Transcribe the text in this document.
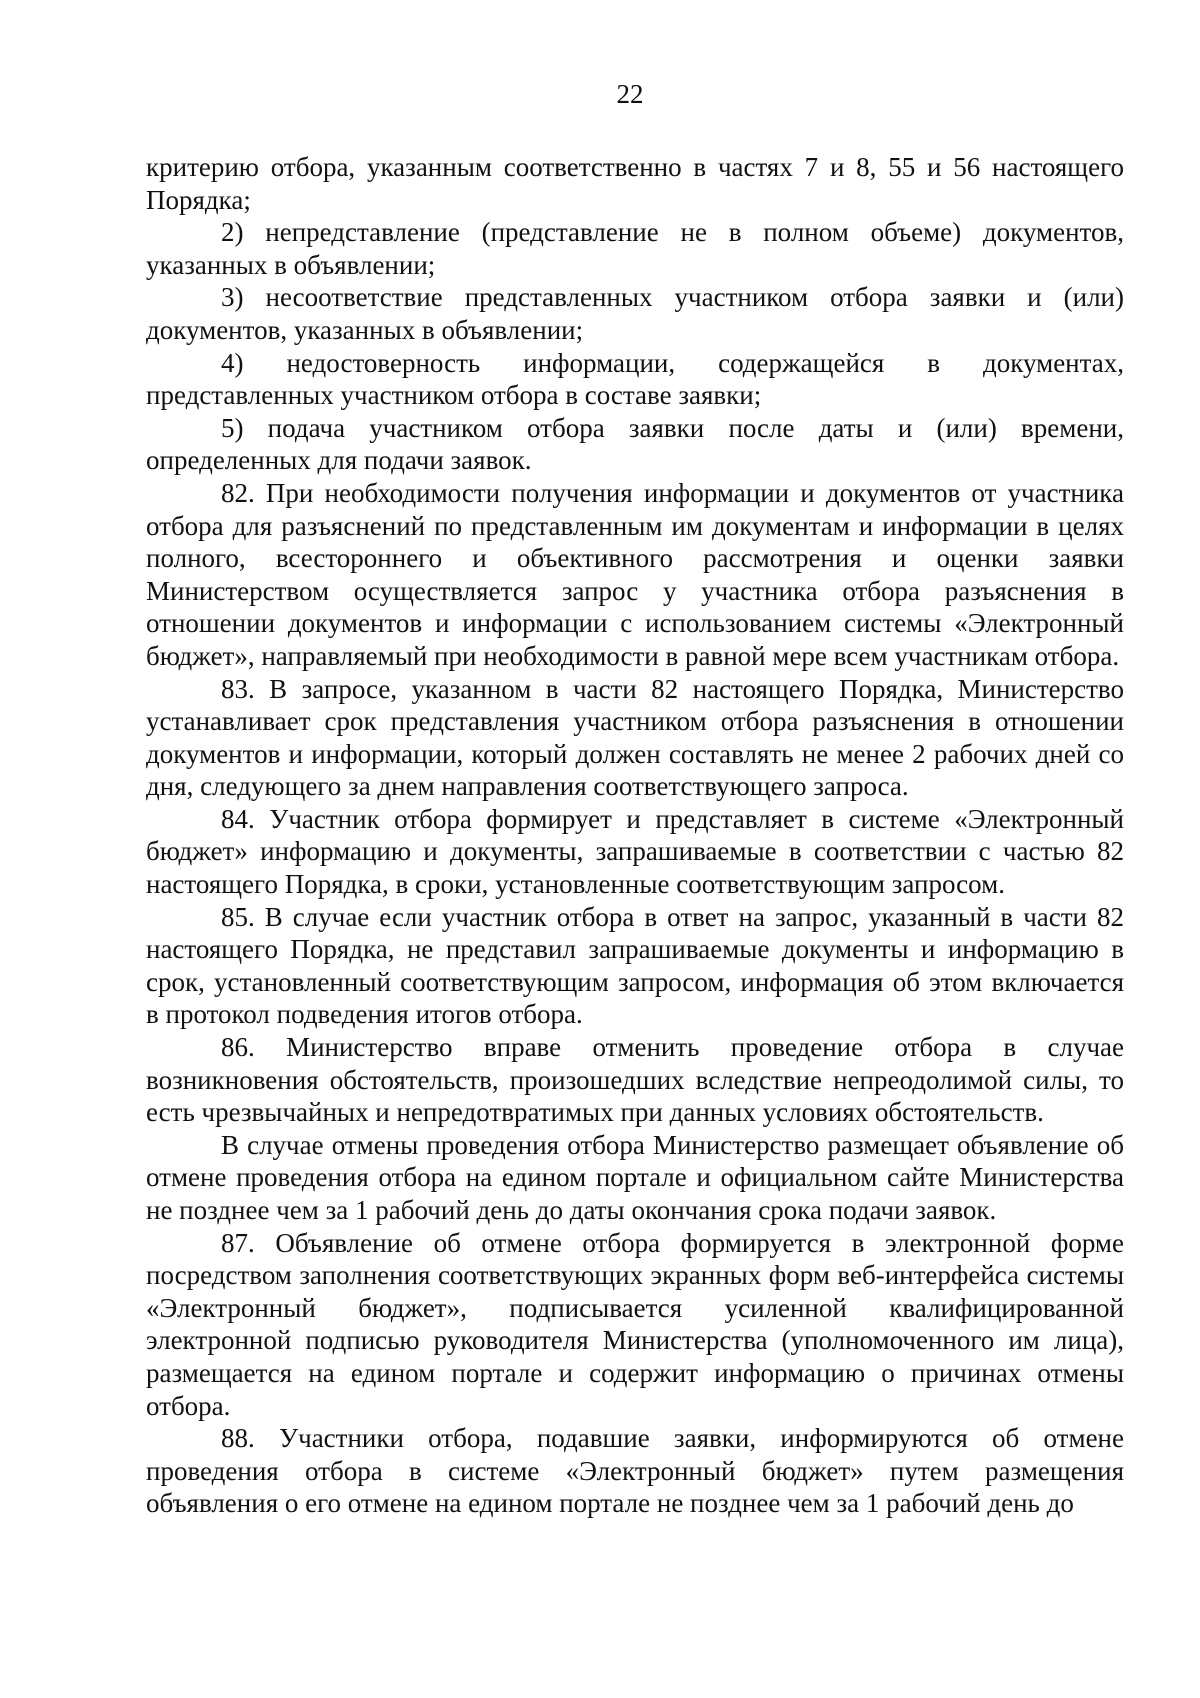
22

критерию отбора, указанным соответственно в частях 7 и 8, 55 и 56 настоящего Порядка;

2) непредставление (представление не в полном объеме) документов, указанных в объявлении;

3) несоответствие представленных участником отбора заявки и (или) документов, указанных в объявлении;

4) недостоверность информации, содержащейся в документах, представленных участником отбора в составе заявки;

5) подача участником отбора заявки после даты и (или) времени, определенных для подачи заявок.

82. При необходимости получения информации и документов от участника отбора для разъяснений по представленным им документам и информации в целях полного, всестороннего и объективного рассмотрения и оценки заявки Министерством осуществляется запрос у участника отбора разъяснения в отношении документов и информации с использованием системы «Электронный бюджет», направляемый при необходимости в равной мере всем участникам отбора.

83. В запросе, указанном в части 82 настоящего Порядка, Министерство устанавливает срок представления участником отбора разъяснения в отношении документов и информации, который должен составлять не менее 2 рабочих дней со дня, следующего за днем направления соответствующего запроса.

84. Участник отбора формирует и представляет в системе «Электронный бюджет» информацию и документы, запрашиваемые в соответствии с частью 82 настоящего Порядка, в сроки, установленные соответствующим запросом.

85. В случае если участник отбора в ответ на запрос, указанный в части 82 настоящего Порядка, не представил запрашиваемые документы и информацию в срок, установленный соответствующим запросом, информация об этом включается в протокол подведения итогов отбора.

86. Министерство вправе отменить проведение отбора в случае возникновения обстоятельств, произошедших вследствие непреодолимой силы, то есть чрезвычайных и непредотвратимых при данных условиях обстоятельств.

В случае отмены проведения отбора Министерство размещает объявление об отмене проведения отбора на едином портале и официальном сайте Министерства не позднее чем за 1 рабочий день до даты окончания срока подачи заявок.

87. Объявление об отмене отбора формируется в электронной форме посредством заполнения соответствующих экранных форм веб-интерфейса системы «Электронный бюджет», подписывается усиленной квалифицированной электронной подписью руководителя Министерства (уполномоченного им лица), размещается на едином портале и содержит информацию о причинах отмены отбора.

88. Участники отбора, подавшие заявки, информируются об отмене проведения отбора в системе «Электронный бюджет» путем размещения объявления о его отмене на едином портале не позднее чем за 1 рабочий день до
